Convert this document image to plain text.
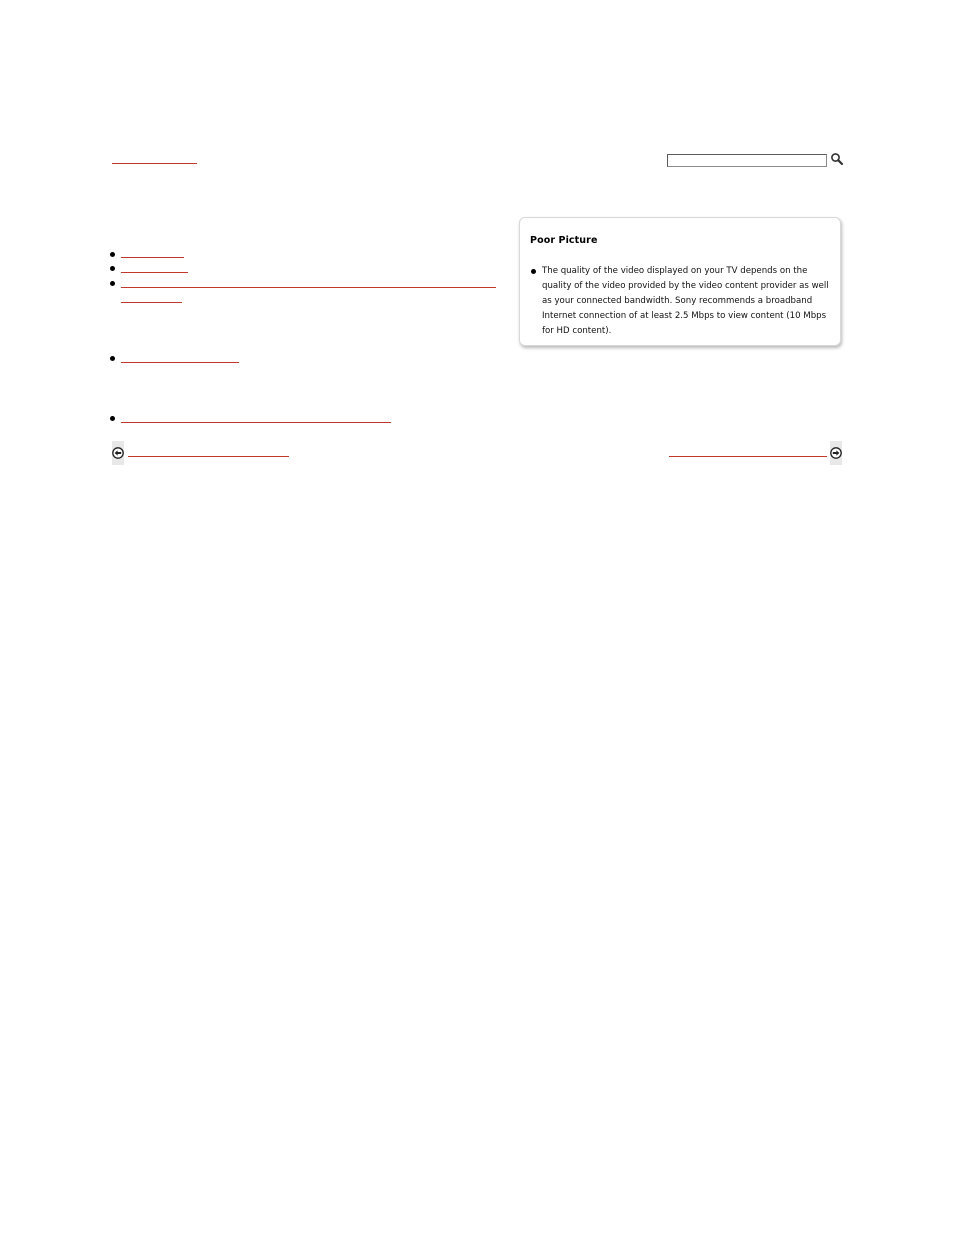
Poor Picture
The quality of the video displayed on your TV depends on the quality of the video provided by the video content provider as well as your connected bandwidth. Sony recommends a broadband Internet connection of at least 2.5 Mbps to view content (10 Mbps for HD content).
